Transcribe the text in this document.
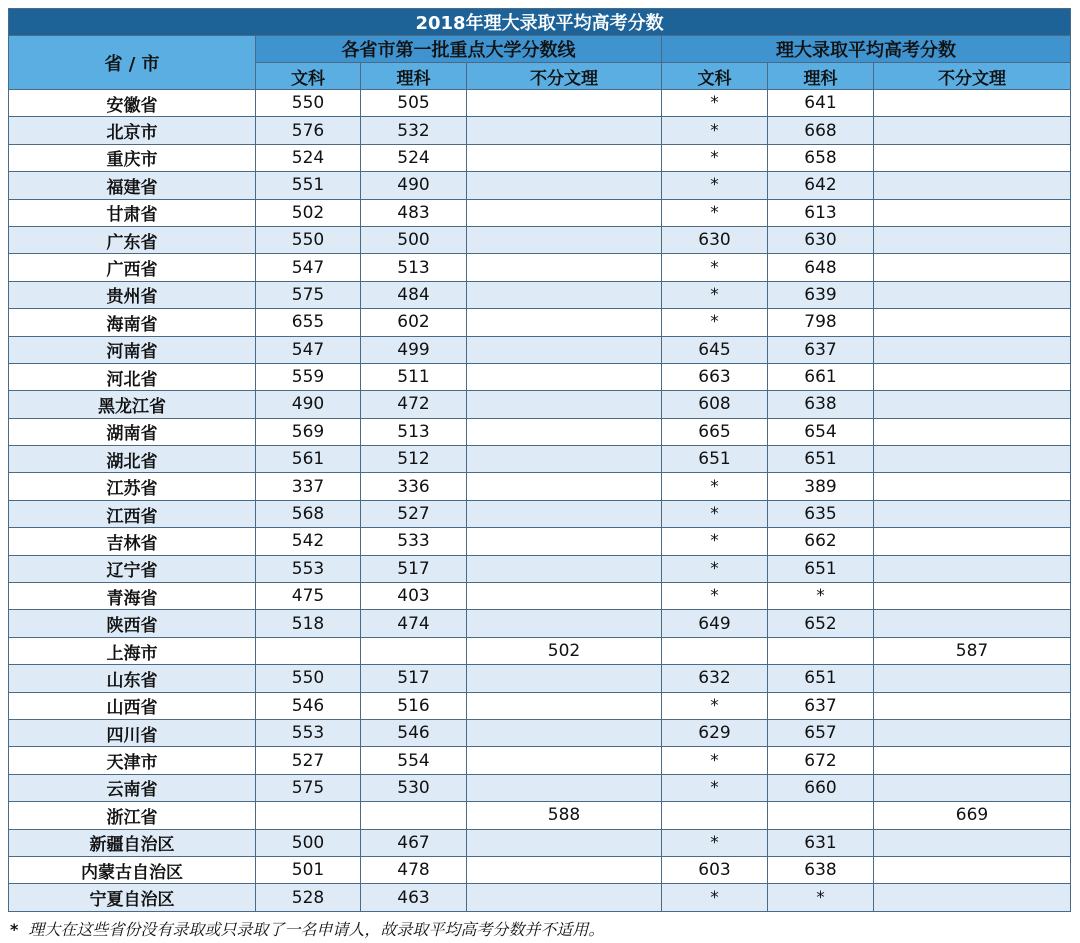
2018年理大录取平均高考分数						
省 / 市	各省市第一批重点大学分数线			理大录取平均高考分数		
	文科	理科	不分文理	文科	理科	不分文理
安徽省	550	505		*	641	
北京市	576	532		*	668	
重庆市	524	524		*	658	
福建省	551	490		*	642	
甘肃省	502	483		*	613	
广东省	550	500		630	630	
广西省	547	513		*	648	
贵州省	575	484		*	639	
海南省	655	602		*	798	
河南省	547	499		645	637	
河北省	559	511		663	661	
黑龙江省	490	472		608	638	
湖南省	569	513		665	654	
湖北省	561	512		651	651	
江苏省	337	336		*	389	
江西省	568	527		*	635	
吉林省	542	533		*	662	
辽宁省	553	517		*	651	
青海省	475	403		*	*	
陕西省	518	474		649	652	
上海市			502			587
山东省	550	517		632	651	
山西省	546	516		*	637	
四川省	553	546		629	657	
天津市	527	554		*	672	
云南省	575	530		*	660	
浙江省			588			669
新疆自治区	500	467		*	631	
内蒙古自治区	501	478		603	638	
宁夏自治区	528	463		*	*	
* 理大在这些省份没有录取或只录取了一名申请人，故录取平均高考分数并不适用。
